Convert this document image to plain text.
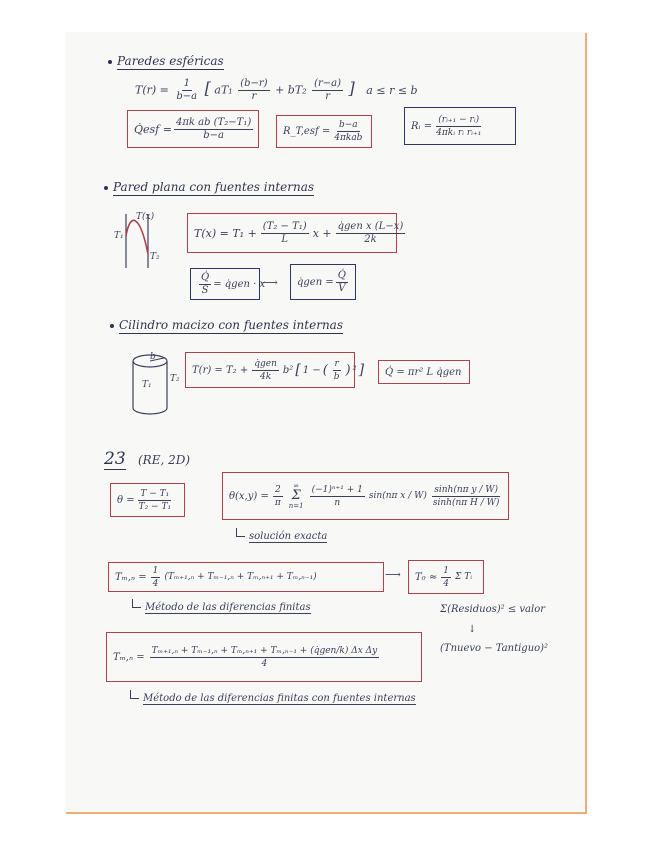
Paredes esféricas
$T(r) = \frac{1}{b-a}$ [ $aT_1 \frac{(b-r)}{r} + bT_2 \frac{(r-a)}{r}$ ] a ≤ r ≤ b
Q̇esf = $\frac{\text{4πk ab (T₂−T₁)}}{b-a}$	R_T,esf = $\frac{b-a}{\text{4πkab}}$	Rᵢ = $\frac{\text{(rᵢ₊₁ − rᵢ)}}{\text{4πkᵢ rᵢ rᵢ₊₁}}$
Pared plana con fuentes internas
T(x)
T₁
T₂
$T(x) = T_1 + \frac{\text{(T₂ − T₁)}}{L}$ $x + \frac{\text{q̇gen x (L−x)}}{2k}$
$\frac{Q̇}{S}$ = q̇gen · x
⟶ q̇gen = $\frac{Q̇}{V}$
Cilindro macizo con fuentes internas
b
T₁
T₂
$T(r) = T_2 + \frac{\text{q̇gen}}{4k} b^2$ [ 1 − ( $\frac{r}{b}$ ) ² ] Q̇ = πr² L q̇gen
23 (RE, 2D)
$\theta = \frac{\text{T − T₁}}{\text{T₂ − T₁}}$	$\theta(x,y) = \frac{2}{\pi}$ ∞
Σ
$n=1 \frac{\text{(−1)ⁿ⁺¹ + 1}}{n} \sin(n\pi$ x / $W) \frac{\text{sinh(nπ y / W)}}{\text{sinh(nπ H / W)}}$
solución exacta
$T_m,_n = \frac{1}{4} (T_{m+1},_n + T_{m-1},_n + T_m,_{n+1} + T_m,_{n-1})$	⟶ $T_0 \approx \frac{1}{4}$ Σ Tᵢ
Método de las diferencias finitas	Σ(Residuos)² ≤ valor
↓
(Tnuevo − Tantiguo)²
$T_m,_n = \frac{\text{Tₘ₊₁,ₙ + Tₘ₋₁,ₙ + Tₘ,ₙ₊₁ + Tₘ,ₙ₋₁ + (q̇gen/k) Δx Δy}}{4}$
Método de las diferencias finitas con fuentes internas
